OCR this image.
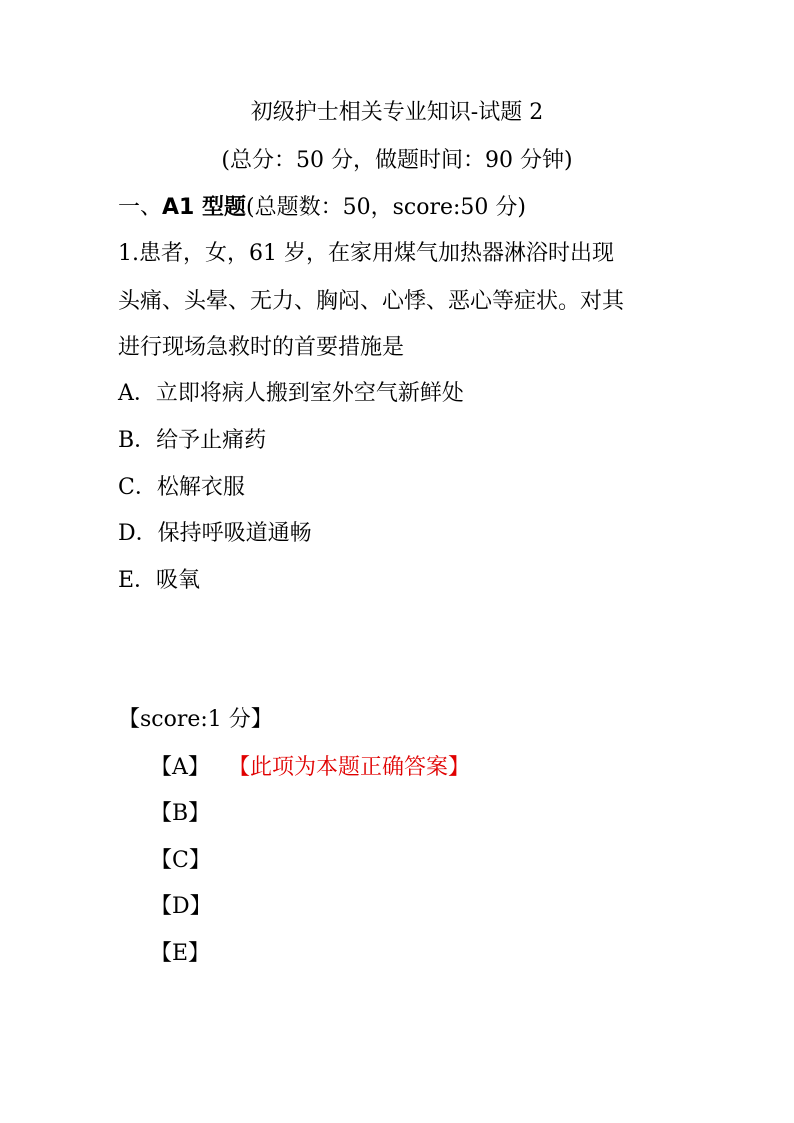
初级护士相关专业知识-试题 2
(总分：50 分，做题时间：90 分钟)
一、A1 型题(总题数：50，score:50 分)
1.患者，女，61 岁，在家用煤气加热器淋浴时出现
头痛、头晕、无力、胸闷、心悸、恶心等症状。对其
进行现场急救时的首要措施是
A．立即将病人搬到室外空气新鲜处
B．给予止痛药
C．松解衣服
D．保持呼吸道通畅
E．吸氧
【score:1 分】
【A】 【此项为本题正确答案】
【B】
【C】
【D】
【E】
